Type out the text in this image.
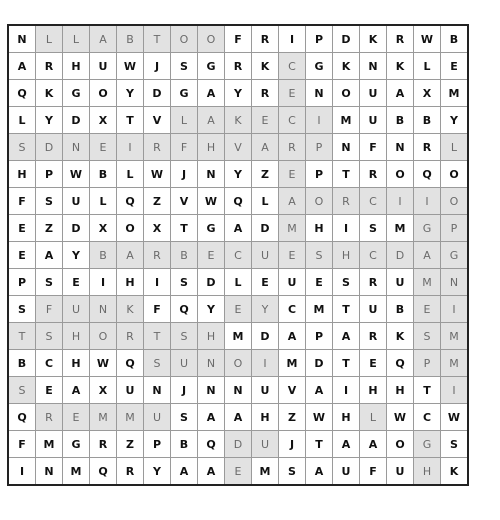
N	L	L	A	B	T	O	O	F	R	I	P	D	K	R	W	B
A	R	H	U	W	J	S	G	R	K	C	G	K	N	K	L	E
Q	K	G	O	Y	D	G	A	Y	R	E	N	O	U	A	X	M
L	Y	D	X	T	V	L	A	K	E	C	I	M	U	B	B	Y
S	D	N	E	I	R	F	H	V	A	R	P	N	F	N	R	L
H	P	W	B	L	W	J	N	Y	Z	E	P	T	R	O	Q	O
F	S	U	L	Q	Z	V	W	Q	L	A	O	R	C	I	I	O
E	Z	D	X	O	X	T	G	A	D	M	H	I	S	M	G	P
E	A	Y	B	A	R	B	E	C	U	E	S	H	C	D	A	G
P	S	E	I	H	I	S	D	L	E	U	E	S	R	U	M	N
S	F	U	N	K	F	Q	Y	E	Y	C	M	T	U	B	E	I
T	S	H	O	R	T	S	H	M	D	A	P	A	R	K	S	M
B	C	H	W	Q	S	U	N	O	I	M	D	T	E	Q	P	M
S	E	A	X	U	N	J	N	N	U	V	A	I	H	H	T	I
Q	R	E	M	M	U	S	A	A	H	Z	W	H	L	W	C	W
F	M	G	R	Z	P	B	Q	D	U	J	T	A	A	O	G	S
I	N	M	Q	R	Y	A	A	E	M	S	A	U	F	U	H	K
